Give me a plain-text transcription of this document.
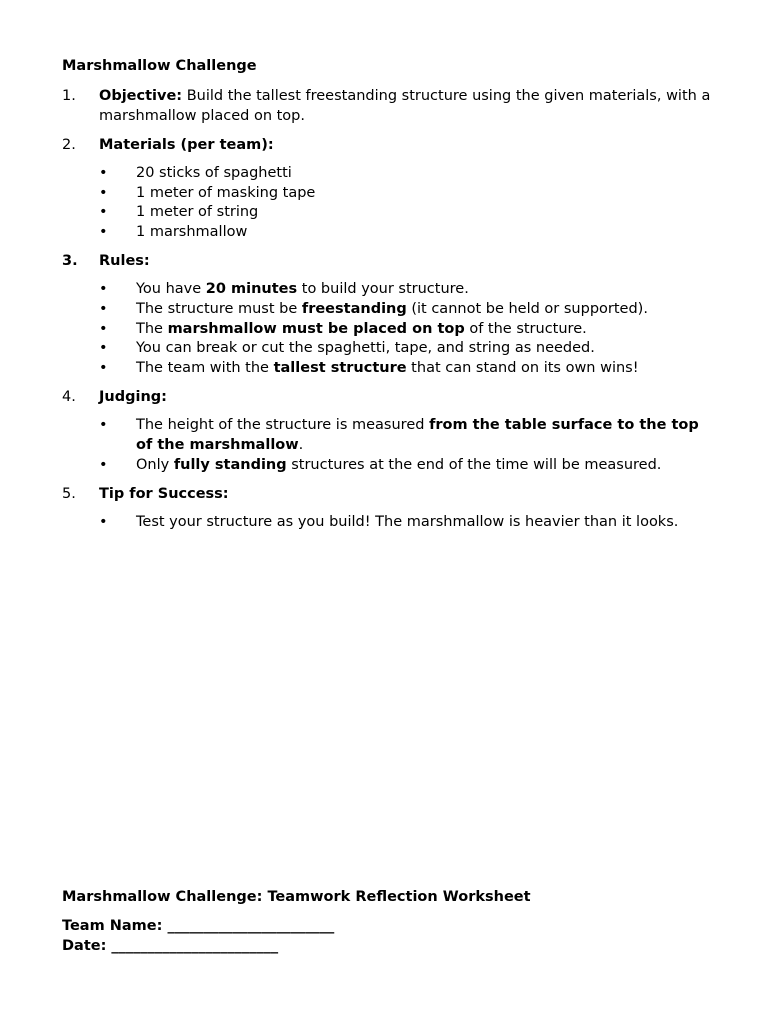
Marshmallow Challenge

1. Objective: Build the tallest freestanding structure using the given materials, with a marshmallow placed on top.

2. Materials (per team):

• 20 sticks of spaghetti
• 1 meter of masking tape
• 1 meter of string
• 1 marshmallow
3. Rules:

• You have 20 minutes to build your structure.
• The structure must be freestanding (it cannot be held or supported).
• The marshmallow must be placed on top of the structure.
• You can break or cut the spaghetti, tape, and string as needed.
• The team with the tallest structure that can stand on its own wins!
4. Judging:

• The height of the structure is measured from the table surface to the top of the marshmallow.
• Only fully standing structures at the end of the time will be measured.
5. Tip for Success:

• Test your structure as you build! The marshmallow is heavier than it looks.

Marshmallow Challenge: Teamwork Reflection Worksheet

Team Name: _______________________

Date: _______________________
